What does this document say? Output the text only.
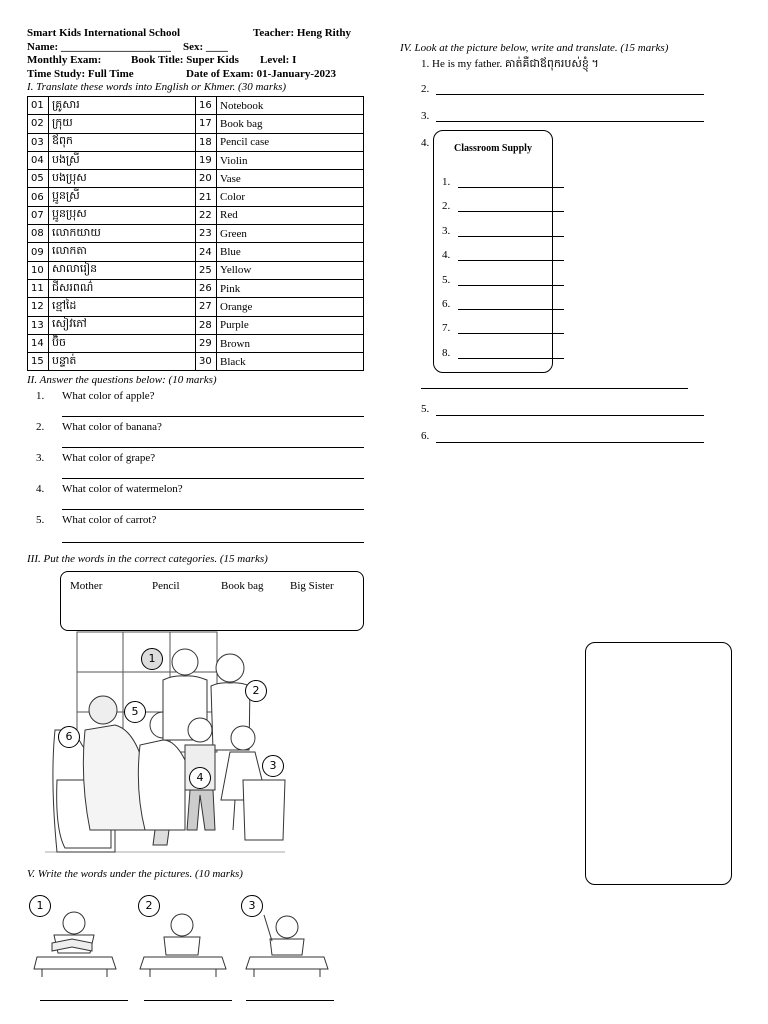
Smart Kids International School	Teacher: Heng Rithy
Name: ____________________ Sex: ____
Monthly Exam:	Book Title: Super Kids Level: I
Time Study: Full Time	Date of Exam: 01-January-2023
I. Translate these words into English or Khmer. (30 marks)
01	គ្រូសារ	16	Notebook
02	ក្រុយ	17	Book bag
03	ឪពុក	18	Pencil case
04	បងស្រី	19	Violin
05	បងប្រុស	20	Vase
06	ប្អូនស្រី	21	Color
07	ប្អូនប្រុស	22	Red
08	លោកយាយ	23	Green
09	លោកតា	24	Blue
10	សាលារៀន	25	Yellow
11	ជីសរពណ៌	26	Pink
12	ខ្មៅដៃ	27	Orange
13	សៀវភៅ	28	Purple
14	ប៊ិច	29	Brown
15	បន្ទាត់	30	Black
II. Answer the questions below: (10 marks)
1. What color of apple?
2. What color of banana?
3. What color of grape?
4. What color of watermelon?
5. What color of carrot?
III. Put the words in the correct categories. (15 marks)
Mother	Pencil	Book bag Big Sister
1
2
3
4
5
6
V. Write the words under the pictures. (10 marks)
1	2	3
IV. Look at the picture below, write and translate. (15 marks)
1. He is my father. គាត់គឺជាឪពុករបស់ខ្ញុំ ។
2.
3.
4.	Classroom Supply
1.
2.
3.
4.
5.
6.
7.
8.
5.
6.
